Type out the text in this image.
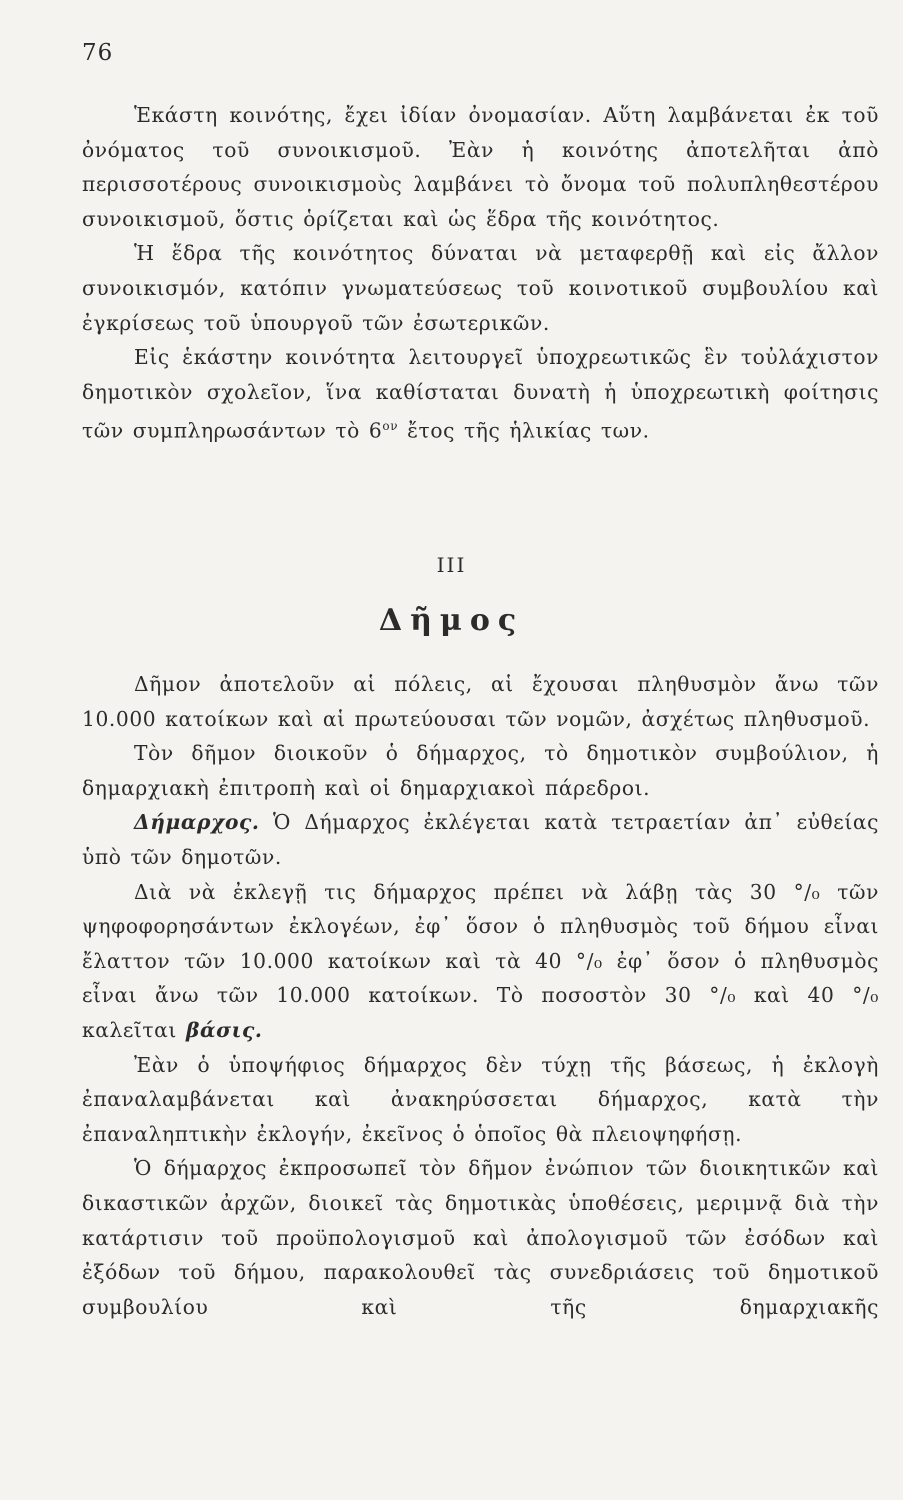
76

Ἑκάστη κοινότης, ἔχει ἰδίαν ὀνομασίαν. Αὕτη λαμβάνεται ἐκ τοῦ ὀνόματος τοῦ συνοικισμοῦ. Ἐὰν ἡ κοινότης ἀποτελῆται ἀπὸ περισσοτέρους συνοικισμοὺς λαμβάνει τὸ ὄνομα τοῦ πολυπληθεστέρου συνοικισμοῦ, ὅστις ὁρίζεται καὶ ὡς ἕδρα τῆς κοινότητος.

Ἡ ἕδρα τῆς κοινότητος δύναται νὰ μεταφερθῇ καὶ εἰς ἄλλον συνοικισμόν, κατόπιν γνωματεύσεως τοῦ κοινοτικοῦ συμβουλίου καὶ ἐγκρίσεως τοῦ ὑπουργοῦ τῶν ἐσωτερικῶν.

Εἰς ἑκάστην κοινότητα λειτουργεῖ ὑποχρεωτικῶς ἓν τοὐλάχιστον δημοτικὸν σχολεῖον, ἵνα καθίσταται δυνατὴ ἡ ὑποχρεωτικὴ φοίτησις τῶν συμπληρωσάντων τὸ $6^{o\nu}$ ἔτος τῆς ἡλικίας των.

III
Δῆμος

Δῆμον ἀποτελοῦν αἱ πόλεις, αἱ ἔχουσαι πληθυσμὸν ἄνω τῶν 10.000 κατοίκων καὶ αἱ πρωτεύουσαι τῶν νομῶν, ἀσχέτως πληθυσμοῦ.

Τὸν δῆμον διοικοῦν ὁ δήμαρχος, τὸ δημοτικὸν συμβούλιον, ἡ δημαρχιακὴ ἐπιτροπὴ καὶ οἱ δημαρχιακοὶ πάρεδροι.

Δήμαρχος. Ὁ Δήμαρχος ἐκλέγεται κατὰ τετραετίαν ἀπ᾽ εὐθείας ὑπὸ τῶν δημοτῶν.

Διὰ νὰ ἐκλεγῇ τις δήμαρχος πρέπει νὰ λάβῃ τὰς 30 °/₀ τῶν ψηφοφορησάντων ἐκλογέων, ἐφ᾽ ὅσον ὁ πληθυσμὸς τοῦ δήμου εἶναι ἔλαττον τῶν 10.000 κατοίκων καὶ τὰ 40 °/₀ ἐφ᾽ ὅσον ὁ πληθυσμὸς εἶναι ἄνω τῶν 10.000 κατοίκων. Τὸ ποσοστὸν 30 °/₀ καὶ 40 °/₀ καλεῖται βάσις.

Ἐὰν ὁ ὑποψήφιος δήμαρχος δὲν τύχῃ τῆς βάσεως, ἡ ἐκλογὴ ἐπαναλαμβάνεται καὶ ἀνακηρύσσεται δήμαρχος, κατὰ τὴν ἐπαναληπτικὴν ἐκλογήν, ἐκεῖνος ὁ ὁποῖος θὰ πλειοψηφήσῃ.

Ὁ δήμαρχος ἐκπροσωπεῖ τὸν δῆμον ἐνώπιον τῶν διοικητικῶν καὶ δικαστικῶν ἀρχῶν, διοικεῖ τὰς δημοτικὰς ὑποθέσεις, μεριμνᾷ διὰ τὴν κατάρτισιν τοῦ προϋπολογισμοῦ καὶ ἀπολογισμοῦ τῶν ἐσόδων καὶ ἐξόδων τοῦ δήμου, παρακολουθεῖ τὰς συνεδριάσεις τοῦ δημοτικοῦ συμβουλίου καὶ τῆς δημαρχιακῆς
